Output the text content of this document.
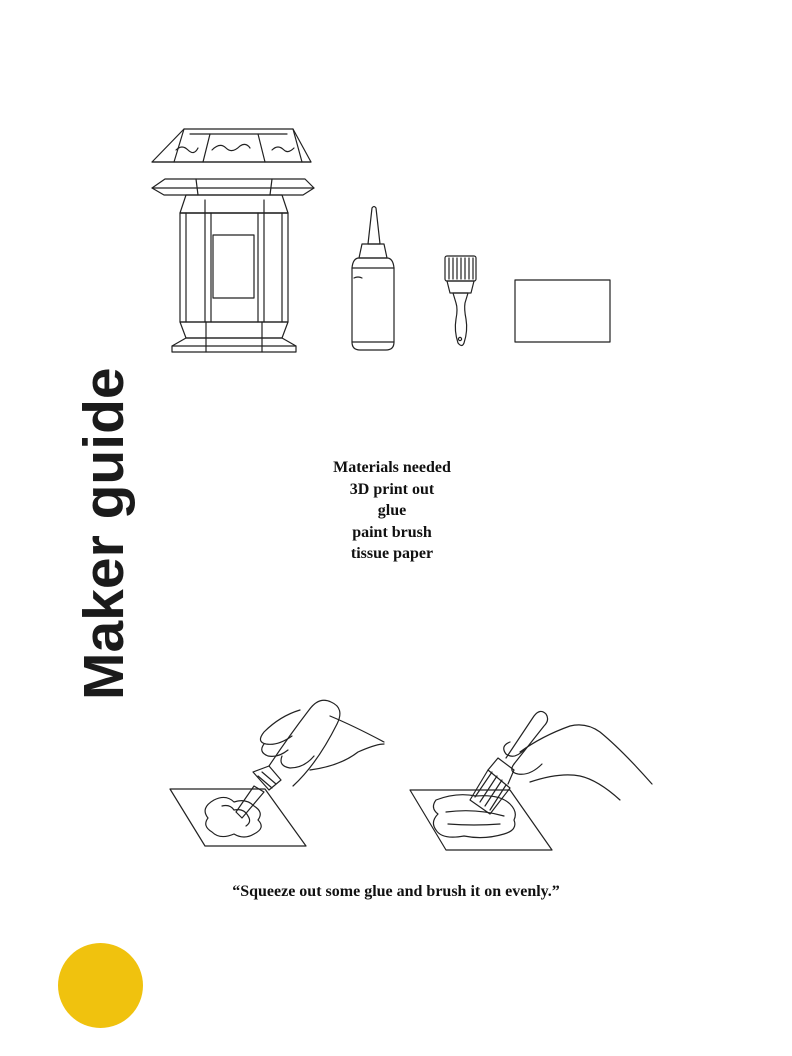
Maker guide	Materials needed
3D print out
glue
paint brush
tissue paper
“Squeeze out some glue and brush it on evenly.”
